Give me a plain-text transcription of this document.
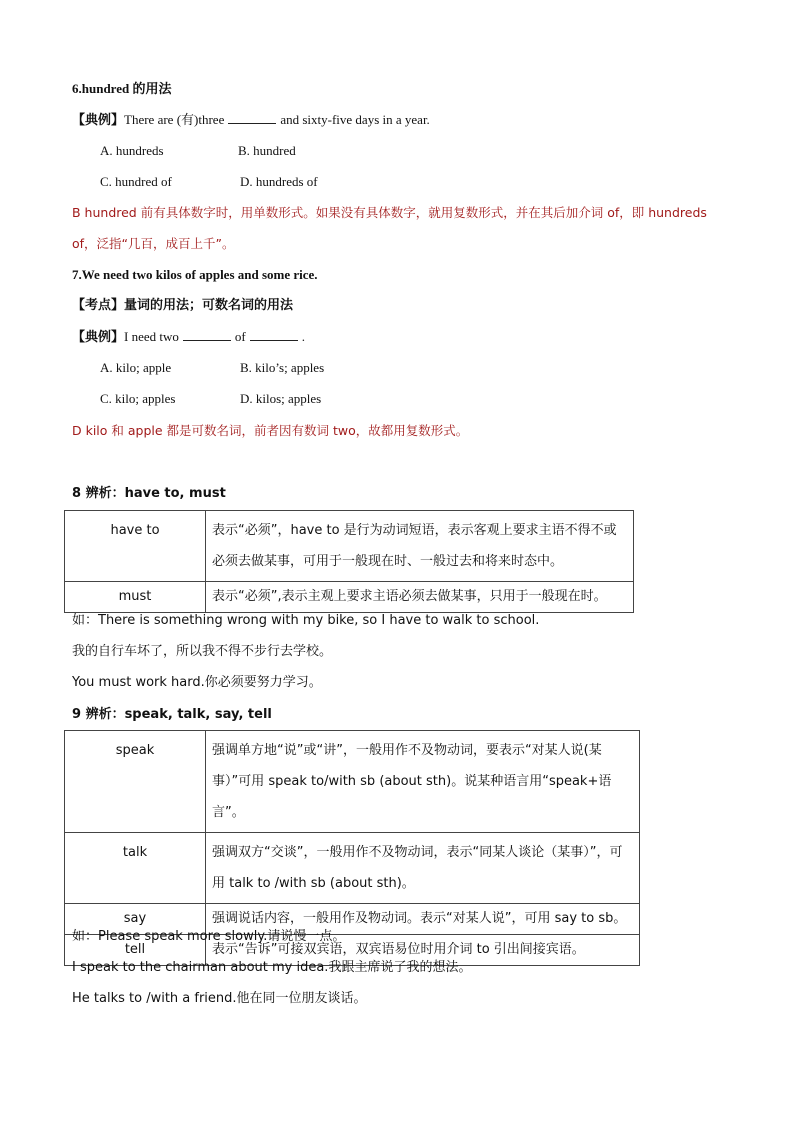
6.hundred 的用法
【典例】There are (有)three	and sixty-five days in a year.
A. hundreds	B. hundred
C. hundred of	D. hundreds of
B hundred 前有具体数字时，用单数形式。如果没有具体数字，就用复数形式，并在其后加介词 of，即 hundreds
of，泛指“几百，成百上千”。
7.We need two kilos of apples and some rice.
【考点】量词的用法；可数名词的用法
【典例】I need two	of	.
A. kilo; apple	B. kilo’s; apples
C. kilo; apples	D. kilos; apples
D kilo 和 apple 都是可数名词，前者因有数词 two，故都用复数形式。
8 辨析：have to, must
have to	表示“必须”，have to 是行为动词短语，表示客观上要求主语不得不或必须去做某事，可用于一般现在时、一般过去和将来时态中。
must	表示“必须”,表示主观上要求主语必须去做某事，只用于一般现在时。
如：There is something wrong with my bike, so I have to walk to school.
我的自行车坏了，所以我不得不步行去学校。
You must work hard.你必须要努力学习。
9 辨析：speak, talk, say, tell
speak	强调单方地“说”或“讲”，一般用作不及物动词，要表示“对某人说(某事）”可用 speak to/with sb (about sth)。说某种语言用“speak+语言”。
talk	强调双方“交谈”，一般用作不及物动词，表示“同某人谈论（某事）”，可用 talk to /with sb (about sth)。
say	强调说话内容，一般用作及物动词。表示“对某人说”，可用 say to sb。
tell	表示“告诉”可接双宾语，双宾语易位时用介词 to 引出间接宾语。
如：Please speak more slowly.请说慢一点。
I speak to the chairman about my idea.我跟主席说了我的想法。
He talks to /with a friend.他在同一位朋友谈话。
